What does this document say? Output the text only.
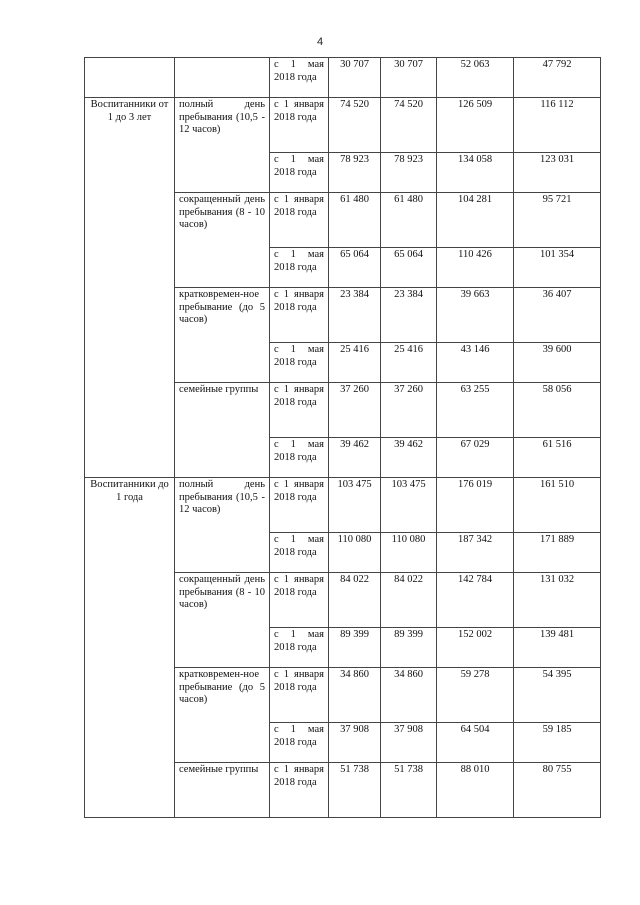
4
		с 1 мая 2018 года	30 707	30 707	52 063	47 792
Воспитанники от 1 до 3 лет	полный день пребывания (10,5 - 12 часов)	с 1 января 2018 года	74 520	74 520	126 509	116 112
		с 1 мая 2018 года	78 923	78 923	134 058	123 031
	сокращенный день пребывания (8 - 10 часов)	с 1 января 2018 года	61 480	61 480	104 281	95 721
		с 1 мая 2018 года	65 064	65 064	110 426	101 354
	кратковремен-ное пребывание (до 5 часов)	с 1 января 2018 года	23 384	23 384	39 663	36 407
		с 1 мая 2018 года	25 416	25 416	43 146	39 600
	семейные группы	с 1 января 2018 года	37 260	37 260	63 255	58 056
		с 1 мая 2018 года	39 462	39 462	67 029	61 516
Воспитанники до 1 года	полный день пребывания (10,5 - 12 часов)	с 1 января 2018 года	103 475	103 475	176 019	161 510
		с 1 мая 2018 года	110 080	110 080	187 342	171 889
	сокращенный день пребывания (8 - 10 часов)	с 1 января 2018 года	84 022	84 022	142 784	131 032
		с 1 мая 2018 года	89 399	89 399	152 002	139 481
	кратковремен-ное пребывание (до 5 часов)	с 1 января 2018 года	34 860	34 860	59 278	54 395
		с 1 мая 2018 года	37 908	37 908	64 504	59 185
	семейные группы	с 1 января 2018 года	51 738	51 738	88 010	80 755
